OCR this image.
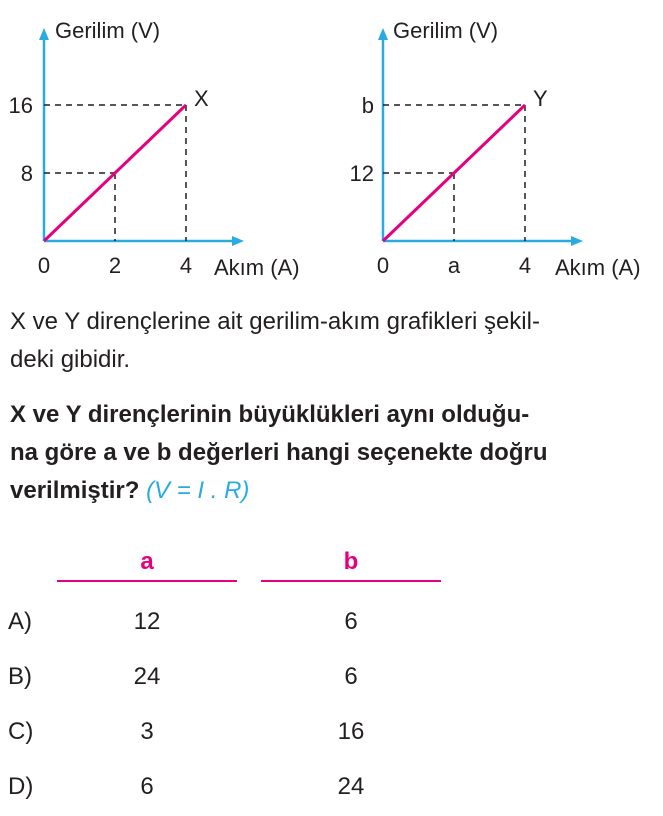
Gerilim (V)
Akım (A)
X
0	2	4
8
16
Gerilim (V)
Akım (A)
Y
0	a	4
12
b
X ve Y dirençlerine ait gerilim-akım grafikleri şekil-
deki gibidir.
X ve Y dirençlerinin büyüklükleri aynı olduğu-
na göre a ve b değerleri hangi seçenekte doğru
verilmiştir? (V = I . R)
a	b
A)	12	6
B)	24	6
C)	3	16
D)	6	24
